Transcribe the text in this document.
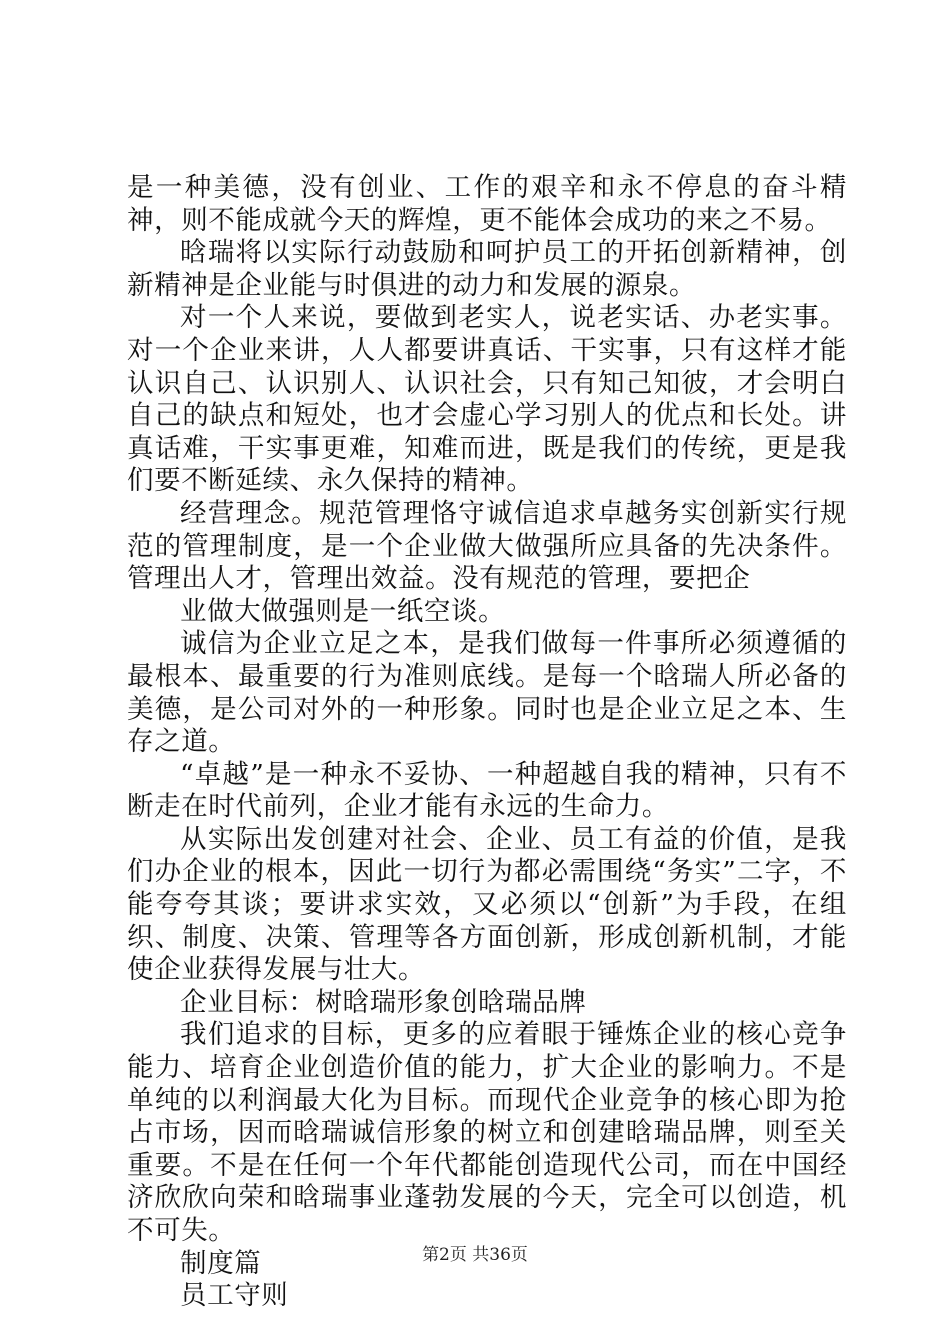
是一种美德，没有创业、工作的艰辛和永不停息的奋斗精神，则不能成就今天的辉煌，更不能体会成功的来之不易。

晗瑞将以实际行动鼓励和呵护员工的开拓创新精神，创新精神是企业能与时俱进的动力和发展的源泉。

对一个人来说，要做到老实人，说老实话、办老实事。对一个企业来讲，人人都要讲真话、干实事，只有这样才能认识自己、认识别人、认识社会，只有知己知彼，才会明白自己的缺点和短处，也才会虚心学习别人的优点和长处。讲真话难，干实事更难，知难而进，既是我们的传统，更是我们要不断延续、永久保持的精神。

经营理念。规范管理恪守诚信追求卓越务实创新实行规范的管理制度，是一个企业做大做强所应具备的先决条件。管理出人才，管理出效益。没有规范的管理，要把企

业做大做强则是一纸空谈。

诚信为企业立足之本，是我们做每一件事所必须遵循的最根本、最重要的行为准则底线。是每一个晗瑞人所必备的美德，是公司对外的一种形象。同时也是企业立足之本、生存之道。

“卓越”是一种永不妥协、一种超越自我的精神，只有不断走在时代前列，企业才能有永远的生命力。

从实际出发创建对社会、企业、员工有益的价值，是我们办企业的根本，因此一切行为都必需围绕“务实”二字，不能夸夸其谈；要讲求实效，又必须以“创新”为手段，在组织、制度、决策、管理等各方面创新，形成创新机制，才能使企业获得发展与壮大。

企业目标：树晗瑞形象创晗瑞品牌

我们追求的目标，更多的应着眼于锤炼企业的核心竞争能力、培育企业创造价值的能力，扩大企业的影响力。不是单纯的以利润最大化为目标。而现代企业竞争的核心即为抢占市场，因而晗瑞诚信形象的树立和创建晗瑞品牌，则至关重要。不是在任何一个年代都能创造现代公司，而在中国经济欣欣向荣和晗瑞事业蓬勃发展的今天，完全可以创造，机不可失。

制度篇

员工守则

第2页 共36页
